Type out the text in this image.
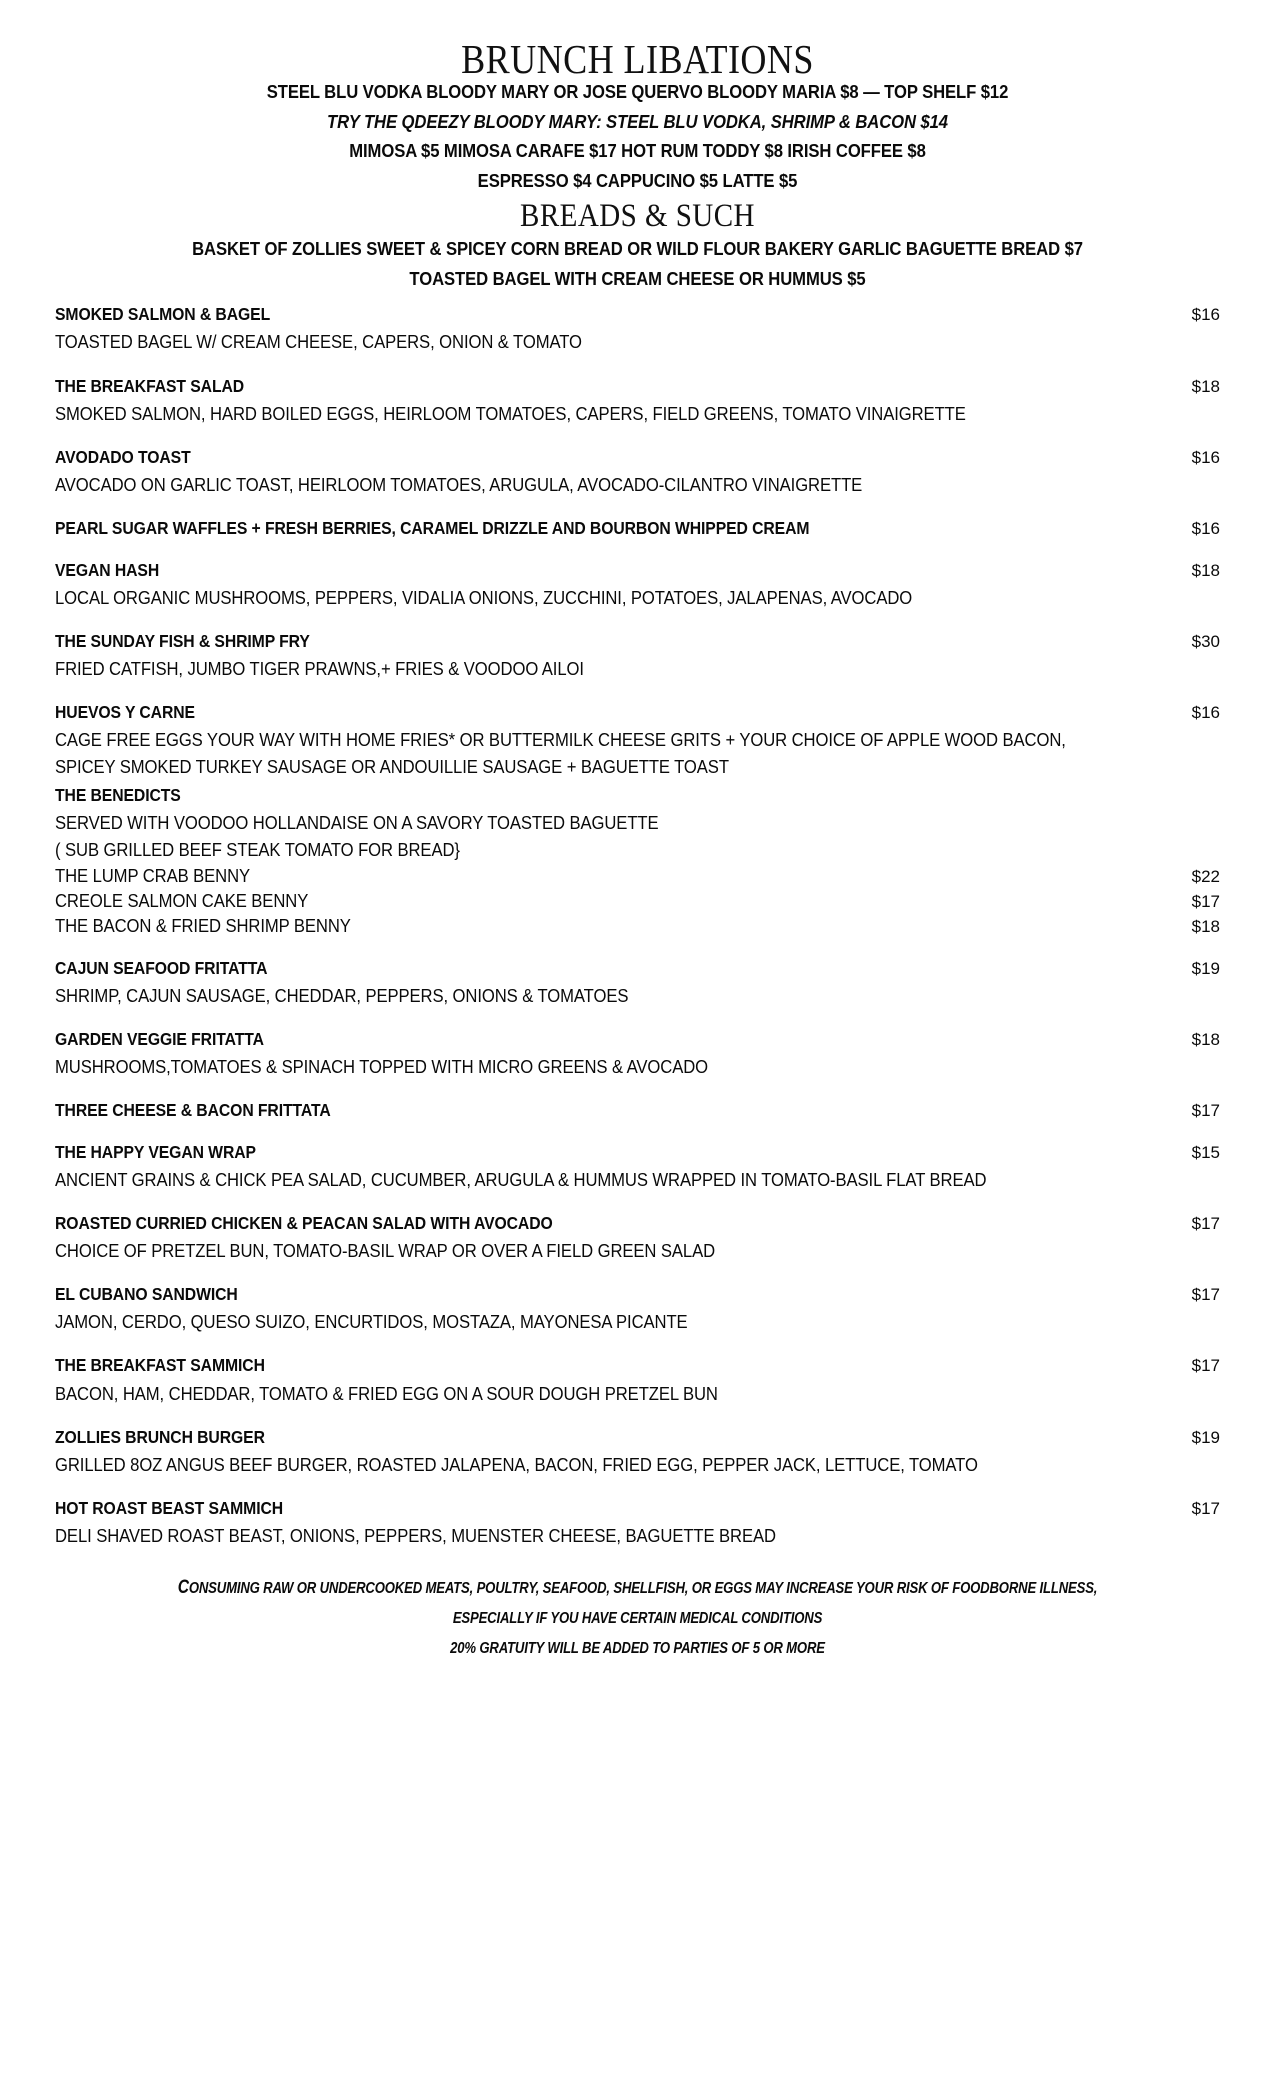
BRUNCH LIBATIONS
STEEL BLU VODKA BLOODY MARY OR JOSE QUERVO BLOODY MARIA $8 — TOP SHELF $12
TRY THE QDEEZY BLOODY MARY: STEEL BLU VODKA, SHRIMP & BACON $14
MIMOSA $5 MIMOSA CARAFE $17 HOT RUM TODDY $8 IRISH COFFEE $8
ESPRESSO $4 CAPPUCINO $5 LATTE $5
BREADS & SUCH
BASKET OF ZOLLIES SWEET & SPICEY CORN BREAD OR WILD FLOUR BAKERY GARLIC BAGUETTE BREAD $7
TOASTED BAGEL WITH CREAM CHEESE OR HUMMUS $5
SMOKED SALMON & BAGEL	$16
TOASTED BAGEL W/ CREAM CHEESE, CAPERS, ONION & TOMATO
THE BREAKFAST SALAD	$18
SMOKED SALMON, HARD BOILED EGGS, HEIRLOOM TOMATOES, CAPERS, FIELD GREENS, TOMATO VINAIGRETTE
AVODADO TOAST	$16
AVOCADO ON GARLIC TOAST, HEIRLOOM TOMATOES, ARUGULA, AVOCADO-CILANTRO VINAIGRETTE
PEARL SUGAR WAFFLES + FRESH BERRIES, CARAMEL DRIZZLE AND BOURBON WHIPPED CREAM	$16
VEGAN HASH	$18
LOCAL ORGANIC MUSHROOMS, PEPPERS, VIDALIA ONIONS, ZUCCHINI, POTATOES, JALAPENAS, AVOCADO
THE SUNDAY FISH & SHRIMP FRY	$30
FRIED CATFISH, JUMBO TIGER PRAWNS,+ FRIES & VOODOO AILOI
HUEVOS Y CARNE	$16
CAGE FREE EGGS YOUR WAY WITH HOME FRIES* OR BUTTERMILK CHEESE GRITS + YOUR CHOICE OF APPLE WOOD BACON,
SPICEY SMOKED TURKEY SAUSAGE OR ANDOUILLIE SAUSAGE + BAGUETTE TOAST
THE BENEDICTS
SERVED WITH VOODOO HOLLANDAISE ON A SAVORY TOASTED BAGUETTE
( SUB GRILLED BEEF STEAK TOMATO FOR BREAD}
THE LUMP CRAB BENNY	$22
CREOLE SALMON CAKE BENNY	$17
THE BACON & FRIED SHRIMP BENNY	$18
CAJUN SEAFOOD FRITATTA	$19
SHRIMP, CAJUN SAUSAGE, CHEDDAR, PEPPERS, ONIONS & TOMATOES
GARDEN VEGGIE FRITATTA	$18
MUSHROOMS,TOMATOES & SPINACH TOPPED WITH MICRO GREENS & AVOCADO
THREE CHEESE & BACON FRITTATA	$17
THE HAPPY VEGAN WRAP	$15
ANCIENT GRAINS & CHICK PEA SALAD, CUCUMBER, ARUGULA & HUMMUS WRAPPED IN TOMATO-BASIL FLAT BREAD
ROASTED CURRIED CHICKEN & PEACAN SALAD WITH AVOCADO	$17
CHOICE OF PRETZEL BUN, TOMATO-BASIL WRAP OR OVER A FIELD GREEN SALAD
EL CUBANO SANDWICH	$17
JAMON, CERDO, QUESO SUIZO, ENCURTIDOS, MOSTAZA, MAYONESA PICANTE
THE BREAKFAST SAMMICH	$17
BACON, HAM, CHEDDAR, TOMATO & FRIED EGG ON A SOUR DOUGH PRETZEL BUN
ZOLLIES BRUNCH BURGER	$19
GRILLED 8OZ ANGUS BEEF BURGER, ROASTED JALAPENA, BACON, FRIED EGG, PEPPER JACK, LETTUCE, TOMATO
HOT ROAST BEAST SAMMICH	$17
DELI SHAVED ROAST BEAST, ONIONS, PEPPERS, MUENSTER CHEESE, BAGUETTE BREAD
CONSUMING RAW OR UNDERCOOKED MEATS, POULTRY, SEAFOOD, SHELLFISH, OR EGGS MAY INCREASE YOUR RISK OF FOODBORNE ILLNESS,
ESPECIALLY IF YOU HAVE CERTAIN MEDICAL CONDITIONS
20% GRATUITY WILL BE ADDED TO PARTIES OF 5 OR MORE
